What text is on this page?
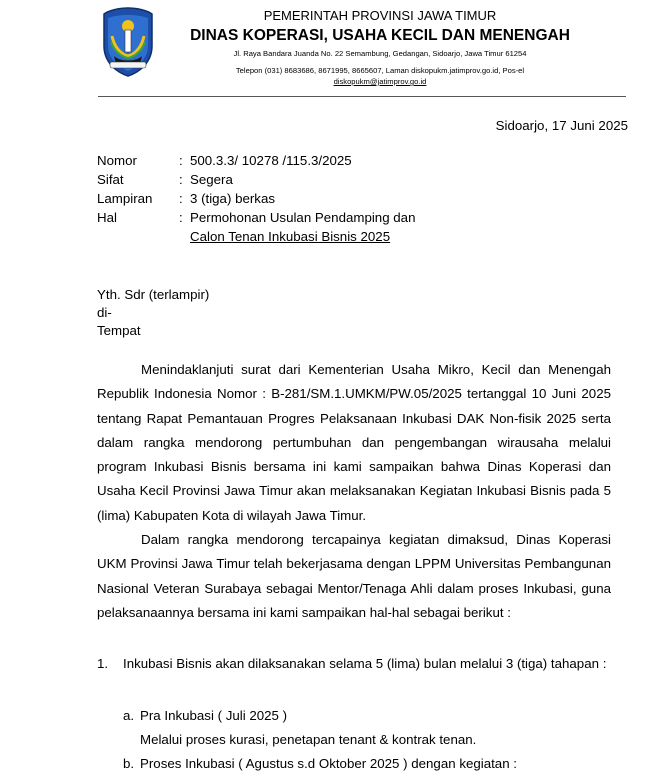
PEMERINTAH PROVINSI JAWA TIMUR
DINAS KOPERASI, USAHA KECIL DAN MENENGAH
Jl. Raya Bandara Juanda No. 22 Semambung, Gedangan, Sidoarjo, Jawa Timur 61254
Telepon (031) 8683686, 8671995, 8665607, Laman diskopukm.jatimprov.go.id, Pos-el
diskopukm@jatimprov.go.id
Sidoarjo, 17 Juni 2025
Nomor	: 500.3.3/ 10278 /115.3/2025
Sifat	: Segera
Lampiran	: 3 (tiga) berkas
Hal	: Permohonan Usulan Pendamping dan
Calon Tenan Inkubasi Bisnis 2025
Yth. Sdr (terlampir)
di-
Tempat

Menindaklanjuti surat dari Kementerian Usaha Mikro, Kecil dan Menengah Republik Indonesia Nomor : B-281/SM.1.UMKM/PW.05/2025 tertanggal 10 Juni 2025 tentang Rapat Pemantauan Progres Pelaksanaan Inkubasi DAK Non-fisik 2025 serta dalam rangka mendorong pertumbuhan dan pengembangan wirausaha melalui program Inkubasi Bisnis bersama ini kami sampaikan bahwa Dinas Koperasi dan Usaha Kecil Provinsi Jawa Timur akan melaksanakan Kegiatan Inkubasi Bisnis pada 5 (lima) Kabupaten Kota di wilayah Jawa Timur.

Dalam rangka mendorong tercapainya kegiatan dimaksud, Dinas Koperasi UKM Provinsi Jawa Timur telah bekerjasama dengan LPPM Universitas Pembangunan Nasional Veteran Surabaya sebagai Mentor/Tenaga Ahli dalam proses Inkubasi, guna pelaksanaannya bersama ini kami sampaikan hal-hal sebagai berikut :

1. Inkubasi Bisnis akan dilaksanakan selama 5 (lima) bulan melalui 3 (tiga) tahapan :
a. Pra Inkubasi ( Juli 2025 )
Melalui proses kurasi, penetapan tenant & kontrak tenan.
b. Proses Inkubasi ( Agustus s.d Oktober 2025 ) dengan kegiatan :
